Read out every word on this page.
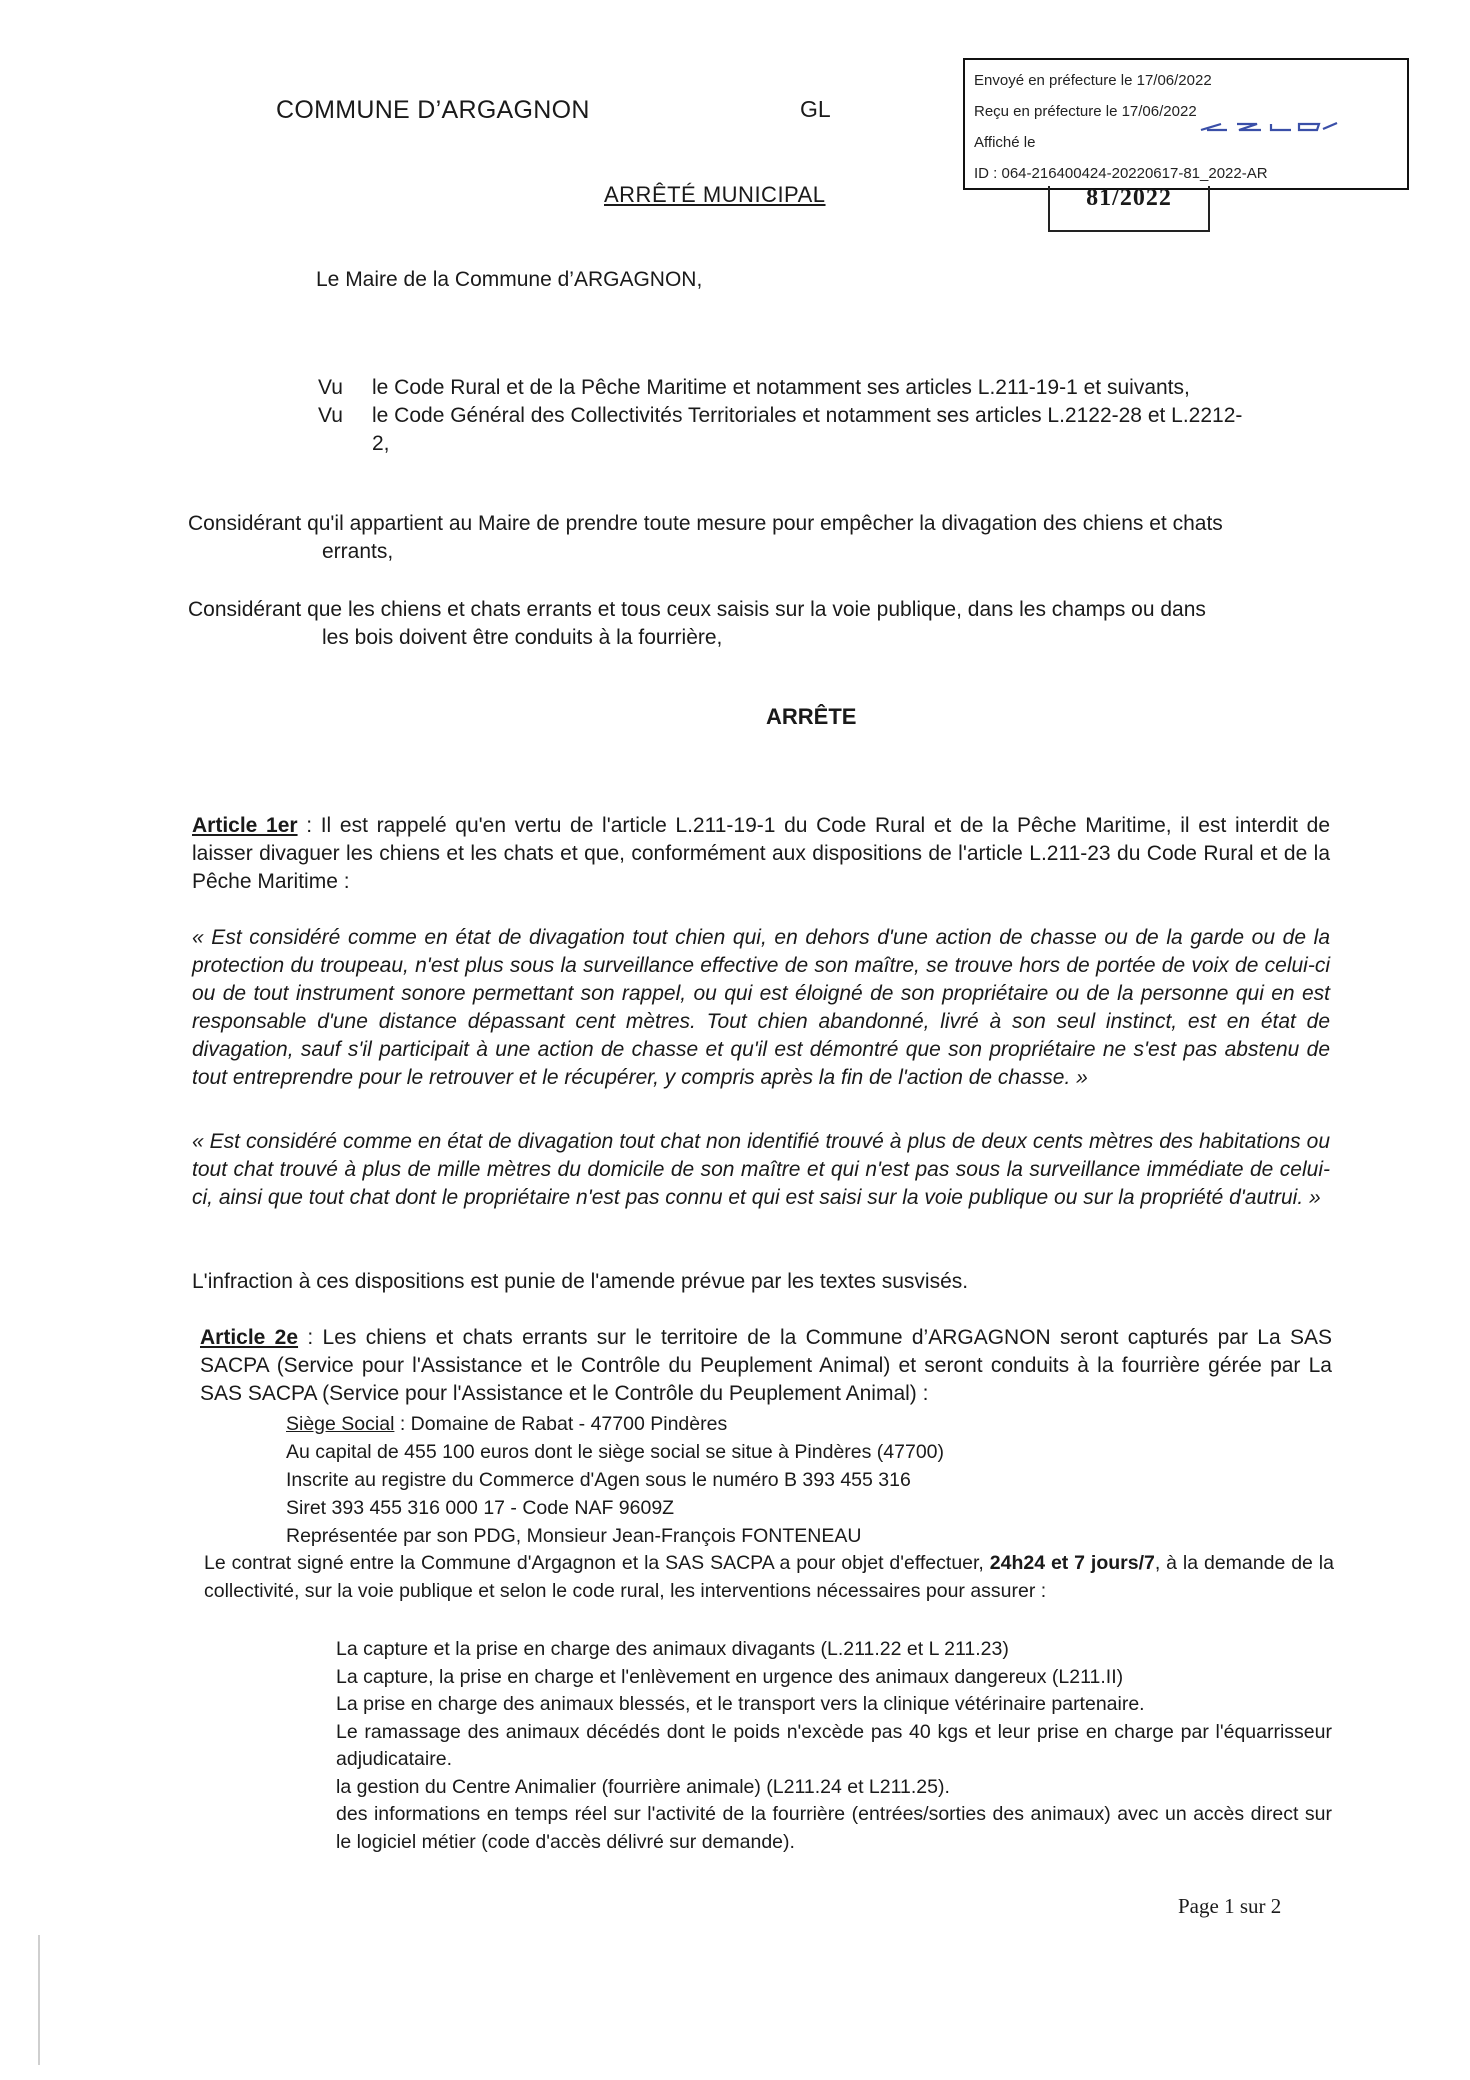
COMMUNE D’ARGAGNON	GL
Envoyé en préfecture le 17/06/2022
Reçu en préfecture le 17/06/2022
Affiché le
ID : 064-216400424-20220617-81_2022-AR
81/2022
ARRÊTÉ MUNICIPAL
Le Maire de la Commune d’ARGAGNON,
Vu le Code Rural et de la Pêche Maritime et notamment ses articles L.211-19-1 et suivants,
Vu le Code Général des Collectivités Territoriales et notamment ses articles L.2122-28 et L.2212-
2,
Considérant qu'il appartient au Maire de prendre toute mesure pour empêcher la divagation des chiens et chats
errants,
Considérant que les chiens et chats errants et tous ceux saisis sur la voie publique, dans les champs ou dans
les bois doivent être conduits à la fourrière,
ARRÊTE
Article 1er : Il est rappelé qu'en vertu de l'article L.211-19-1 du Code Rural et de la Pêche Maritime, il est interdit de laisser divaguer les chiens et les chats et que, conformément aux dispositions de l'article L.211-23 du Code Rural et de la Pêche Maritime :
« Est considéré comme en état de divagation tout chien qui, en dehors d'une action de chasse ou de la garde ou de la protection du troupeau, n'est plus sous la surveillance effective de son maître, se trouve hors de portée de voix de celui-ci ou de tout instrument sonore permettant son rappel, ou qui est éloigné de son propriétaire ou de la personne qui en est responsable d'une distance dépassant cent mètres. Tout chien abandonné, livré à son seul instinct, est en état de divagation, sauf s'il participait à une action de chasse et qu'il est démontré que son propriétaire ne s'est pas abstenu de tout entreprendre pour le retrouver et le récupérer, y compris après la fin de l'action de chasse. »
« Est considéré comme en état de divagation tout chat non identifié trouvé à plus de deux cents mètres des habitations ou tout chat trouvé à plus de mille mètres du domicile de son maître et qui n'est pas sous la surveillance immédiate de celui-ci, ainsi que tout chat dont le propriétaire n'est pas connu et qui est saisi sur la voie publique ou sur la propriété d'autrui. »
L'infraction à ces dispositions est punie de l'amende prévue par les textes susvisés.
Article 2e : Les chiens et chats errants sur le territoire de la Commune d’ARGAGNON seront capturés par La SAS SACPA (Service pour l'Assistance et le Contrôle du Peuplement Animal) et seront conduits à la fourrière gérée par La SAS SACPA (Service pour l'Assistance et le Contrôle du Peuplement Animal) :
Siège Social : Domaine de Rabat - 47700 Pindères
Au capital de 455 100 euros dont le siège social se situe à Pindères (47700)
Inscrite au registre du Commerce d'Agen sous le numéro B 393 455 316
Siret 393 455 316 000 17 - Code NAF 9609Z
Représentée par son PDG, Monsieur Jean-François FONTENEAU
Le contrat signé entre la Commune d'Argagnon et la SAS SACPA a pour objet d'effectuer, 24h24 et 7 jours/7, à la demande de la collectivité, sur la voie publique et selon le code rural, les interventions nécessaires pour assurer :
La capture et la prise en charge des animaux divagants (L.211.22 et L 211.23)
La capture, la prise en charge et l'enlèvement en urgence des animaux dangereux (L211.II)
La prise en charge des animaux blessés, et le transport vers la clinique vétérinaire partenaire.
Le ramassage des animaux décédés dont le poids n'excède pas 40 kgs et leur prise en charge par l'équarrisseur adjudicataire.
la gestion du Centre Animalier (fourrière animale) (L211.24 et L211.25).
des informations en temps réel sur l'activité de la fourrière (entrées/sorties des animaux) avec un accès direct sur le logiciel métier (code d'accès délivré sur demande).
Page 1 sur 2
